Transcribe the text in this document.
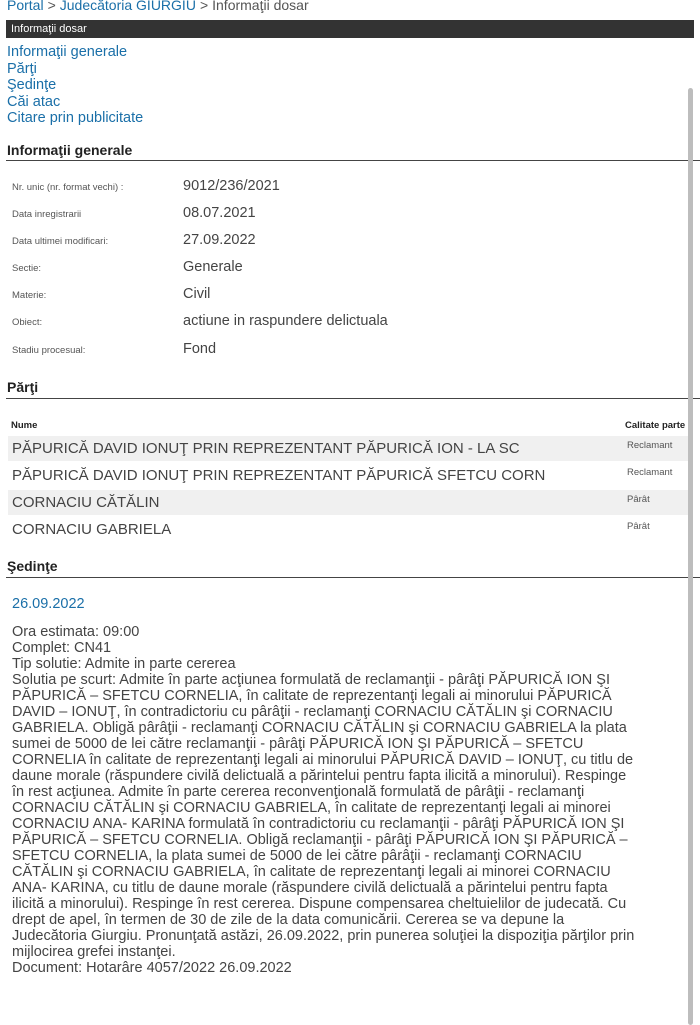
Portal > Judecătoria GIURGIU > Informaţii dosar
Informaţii dosar
Informaţii generale
Părţi
Şedinţe
Căi atac
Citare prin publicitate
Informaţii generale
Nr. unic (nr. format vechi) :	9012/236/2021
Data inregistrarii	08.07.2021
Data ultimei modificari:	27.09.2022
Sectie:	Generale
Materie:	Civil
Obiect:	actiune in raspundere delictuala
Stadiu procesual:	Fond
Părţi
Nume	Calitate parte
PĂPURICĂ DAVID IONUŢ PRIN REPREZENTANT PĂPURICĂ ION - LA SC	Reclamant
PĂPURICĂ DAVID IONUŢ PRIN REPREZENTANT PĂPURICĂ SFETCU CORN	Reclamant
CORNACIU CĂTĂLIN	Pârât
CORNACIU GABRIELA	Pârât
Şedinţe
26.09.2022
Ora estimata: 09:00
Complet: CN41
Tip solutie: Admite in parte cererea
Solutia pe scurt: Admite în parte acţiunea formulată de reclamanţii - pârâţi PĂPURICĂ ION ŞI
PĂPURICĂ – SFETCU CORNELIA, în calitate de reprezentanţi legali ai minorului PĂPURICĂ
DAVID – IONUŢ, în contradictoriu cu pârâţii - reclamanţi CORNACIU CĂTĂLIN şi CORNACIU
GABRIELA. Obligă pârâţii - reclamanţi CORNACIU CĂTĂLIN şi CORNACIU GABRIELA la plata
sumei de 5000 de lei către reclamanţii - pârâţi PĂPURICĂ ION ŞI PĂPURICĂ – SFETCU
CORNELIA în calitate de reprezentanţi legali ai minorului PĂPURICĂ DAVID – IONUŢ, cu titlu de
daune morale (răspundere civilă delictuală a părintelui pentru fapta ilicită a minorului). Respinge
în rest acţiunea. Admite în parte cererea reconvenţională formulată de pârâţii - reclamanţi
CORNACIU CĂTĂLIN şi CORNACIU GABRIELA, în calitate de reprezentanţi legali ai minorei
CORNACIU ANA- KARINA formulată în contradictoriu cu reclamanţii - pârâţi PĂPURICĂ ION ŞI
PĂPURICĂ – SFETCU CORNELIA. Obligă reclamanţii - pârâţi PĂPURICĂ ION ŞI PĂPURICĂ –
SFETCU CORNELIA, la plata sumei de 5000 de lei către pârâţii - reclamanţi CORNACIU
CĂTĂLIN şi CORNACIU GABRIELA, în calitate de reprezentanţi legali ai minorei CORNACIU
ANA- KARINA, cu titlu de daune morale (răspundere civilă delictuală a părintelui pentru fapta
ilicită a minorului). Respinge în rest cererea. Dispune compensarea cheltuielilor de judecată. Cu
drept de apel, în termen de 30 de zile de la data comunicării. Cererea se va depune la
Judecătoria Giurgiu. Pronunţată astăzi, 26.09.2022, prin punerea soluţiei la dispoziţia părţilor prin
mijlocirea grefei instanţei.
Document: Hotarâre 4057/2022 26.09.2022
